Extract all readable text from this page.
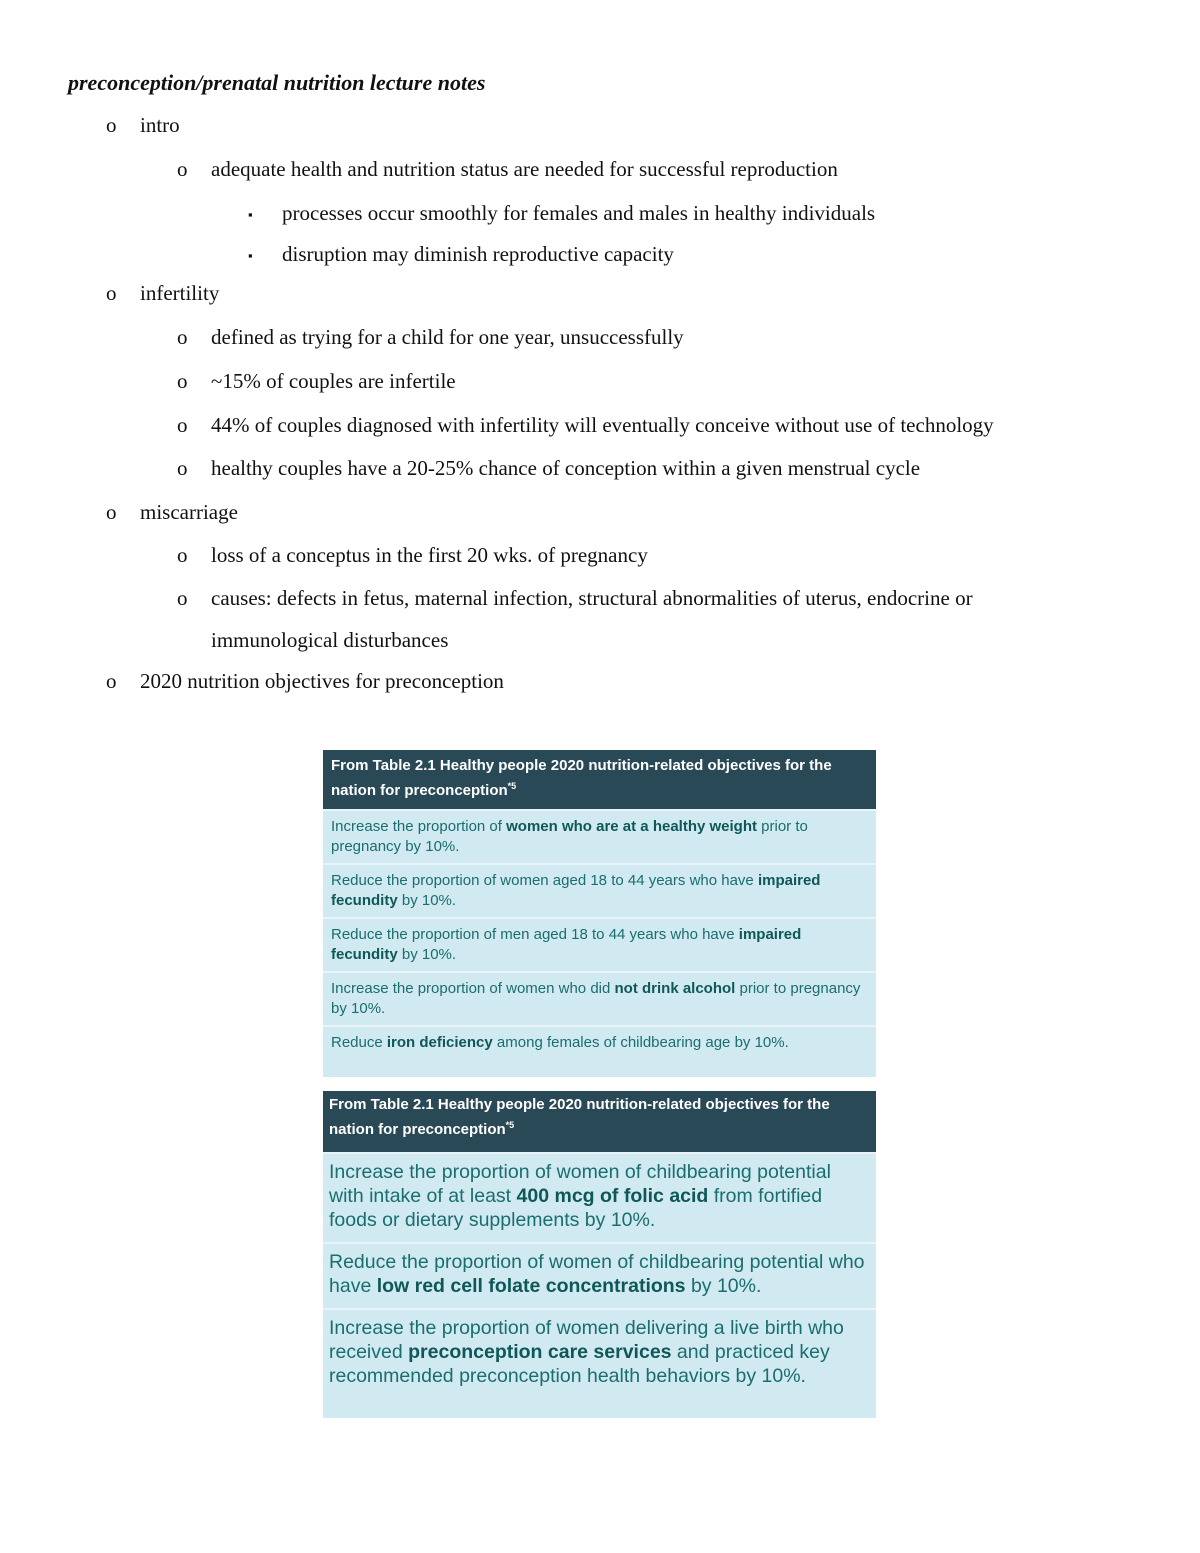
preconception/prenatal nutrition lecture notes
o intro
o adequate health and nutrition status are needed for successful reproduction
▪ processes occur smoothly for females and males in healthy individuals
▪ disruption may diminish reproductive capacity
o infertility
o defined as trying for a child for one year, unsuccessfully
o ~15% of couples are infertile
o 44% of couples diagnosed with infertility will eventually conceive without use of technology
o healthy couples have a 20-25% chance of conception within a given menstrual cycle
o miscarriage
o loss of a conceptus in the first 20 wks. of pregnancy
o causes: defects in fetus, maternal infection, structural abnormalities of uterus, endocrine or
immunological disturbances
o 2020 nutrition objectives for preconception
From Table 2.1 Healthy people 2020 nutrition-related objectives for the nation for preconception$^{*5}$
Increase the proportion of women who are at a healthy weight prior to pregnancy by 10%.
Reduce the proportion of women aged 18 to 44 years who have impaired fecundity by 10%.
Reduce the proportion of men aged 18 to 44 years who have impaired fecundity by 10%.
Increase the proportion of women who did not drink alcohol prior to pregnancy by 10%.
Reduce iron deficiency among females of childbearing age by 10%.
From Table 2.1 Healthy people 2020 nutrition-related objectives for the nation for preconception$^{*5}$
Increase the proportion of women of childbearing potential with intake of at least 400 mcg of folic acid from fortified foods or dietary supplements by 10%.
Reduce the proportion of women of childbearing potential who have low red cell folate concentrations by 10%.
Increase the proportion of women delivering a live birth who received preconception care services and practiced key recommended preconception health behaviors by 10%.
